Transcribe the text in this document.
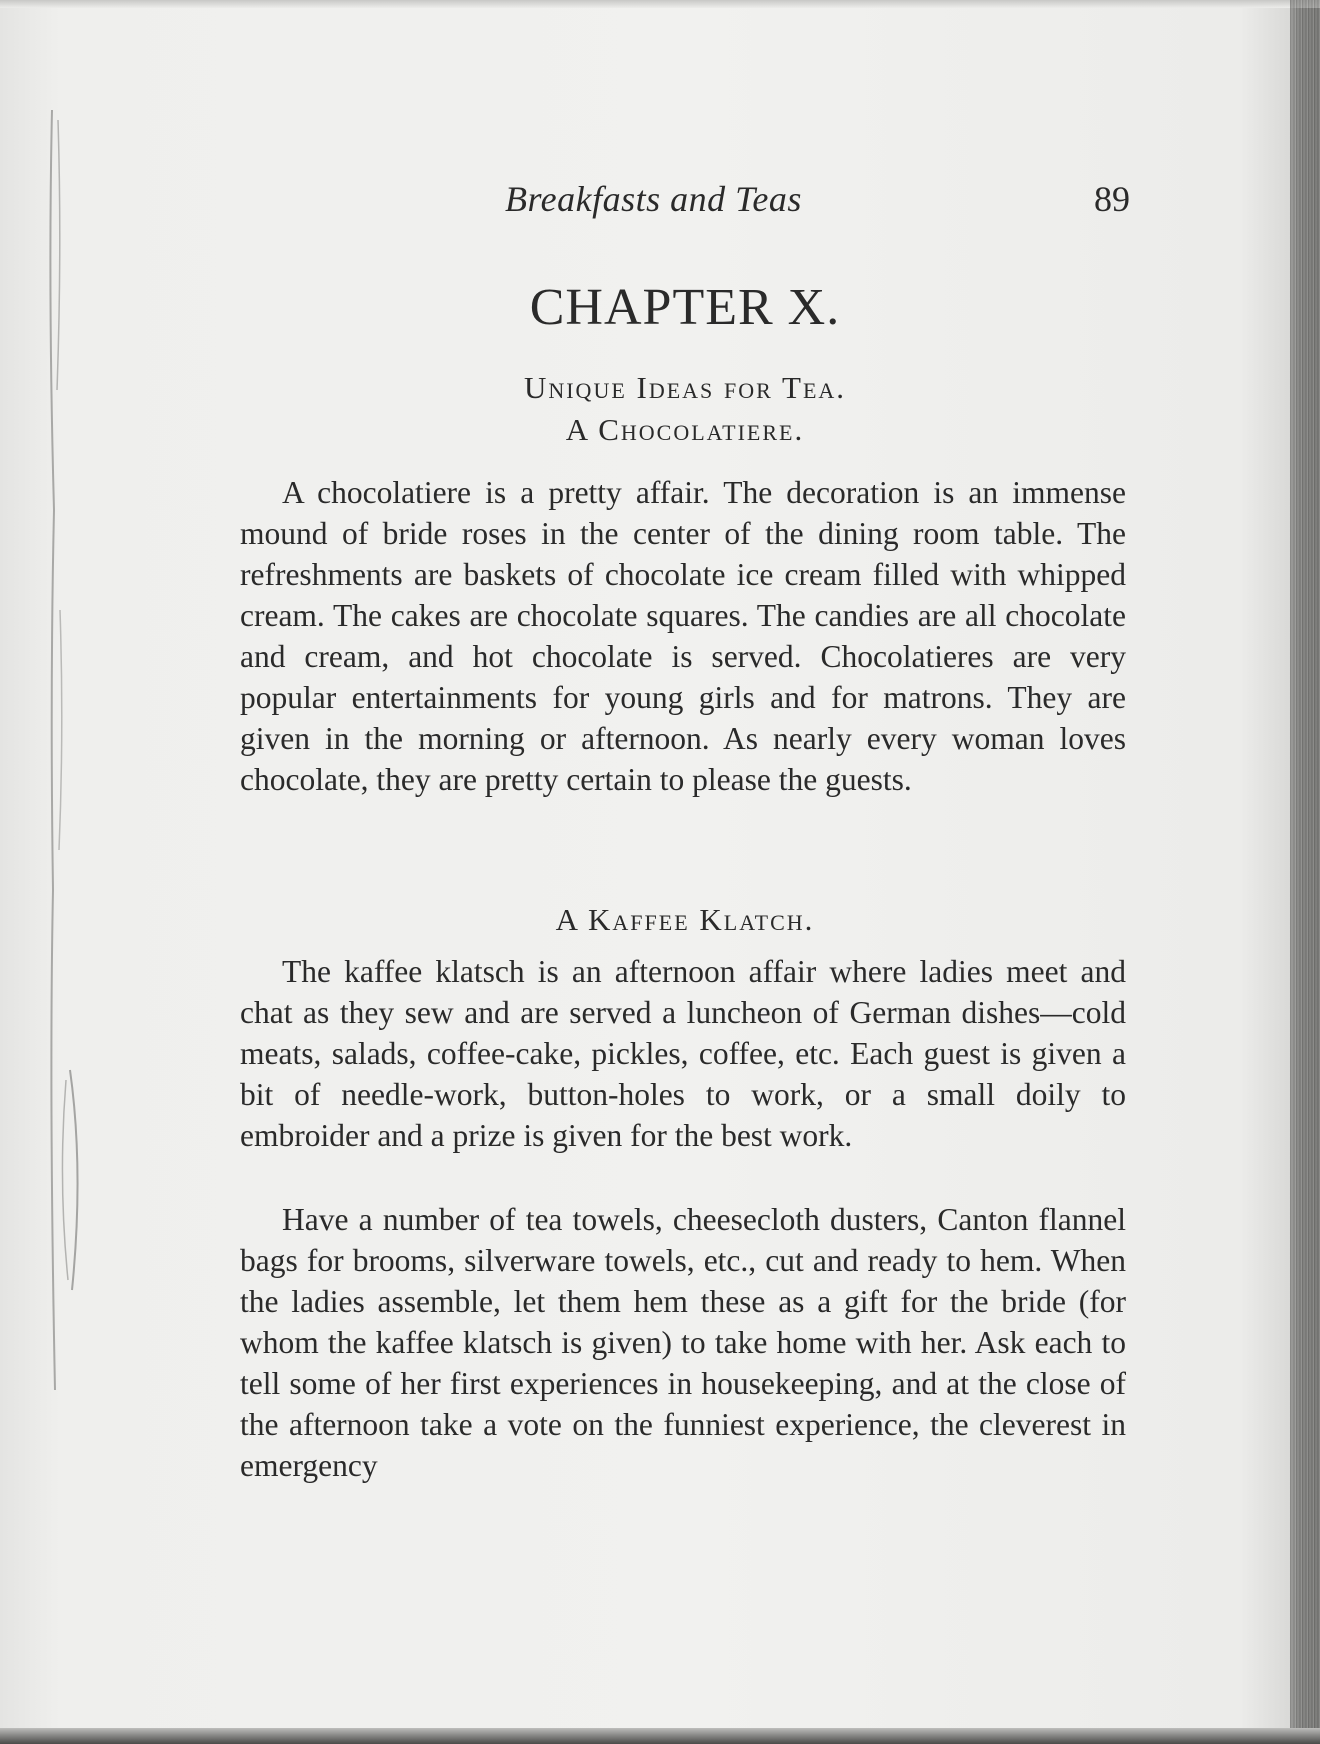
Breakfasts and Teas	89
CHAPTER X.
Unique Ideas for Tea.
A Chocolatiere.

A chocolatiere is a pretty affair. The decoration is an immense mound of bride roses in the center of the dining room table. The refreshments are baskets of chocolate ice cream filled with whipped cream. The cakes are chocolate squares. The candies are all chocolate and cream, and hot chocolate is served. Chocolatieres are very popular entertainments for young girls and for matrons. They are given in the morning or afternoon. As nearly every woman loves chocolate, they are pretty certain to please the guests.

A Kaffee Klatch.

The kaffee klatsch is an afternoon affair where ladies meet and chat as they sew and are served a luncheon of German dishes—cold meats, salads, coffee-cake, pickles, coffee, etc. Each guest is given a bit of needle-work, button-holes to work, or a small doily to embroider and a prize is given for the best work.

Have a number of tea towels, cheesecloth dusters, Canton flannel bags for brooms, silverware towels, etc., cut and ready to hem. When the ladies assemble, let them hem these as a gift for the bride (for whom the kaffee klatsch is given) to take home with her. Ask each to tell some of her first experiences in housekeeping, and at the close of the afternoon take a vote on the funniest experience, the cleverest in emergency
